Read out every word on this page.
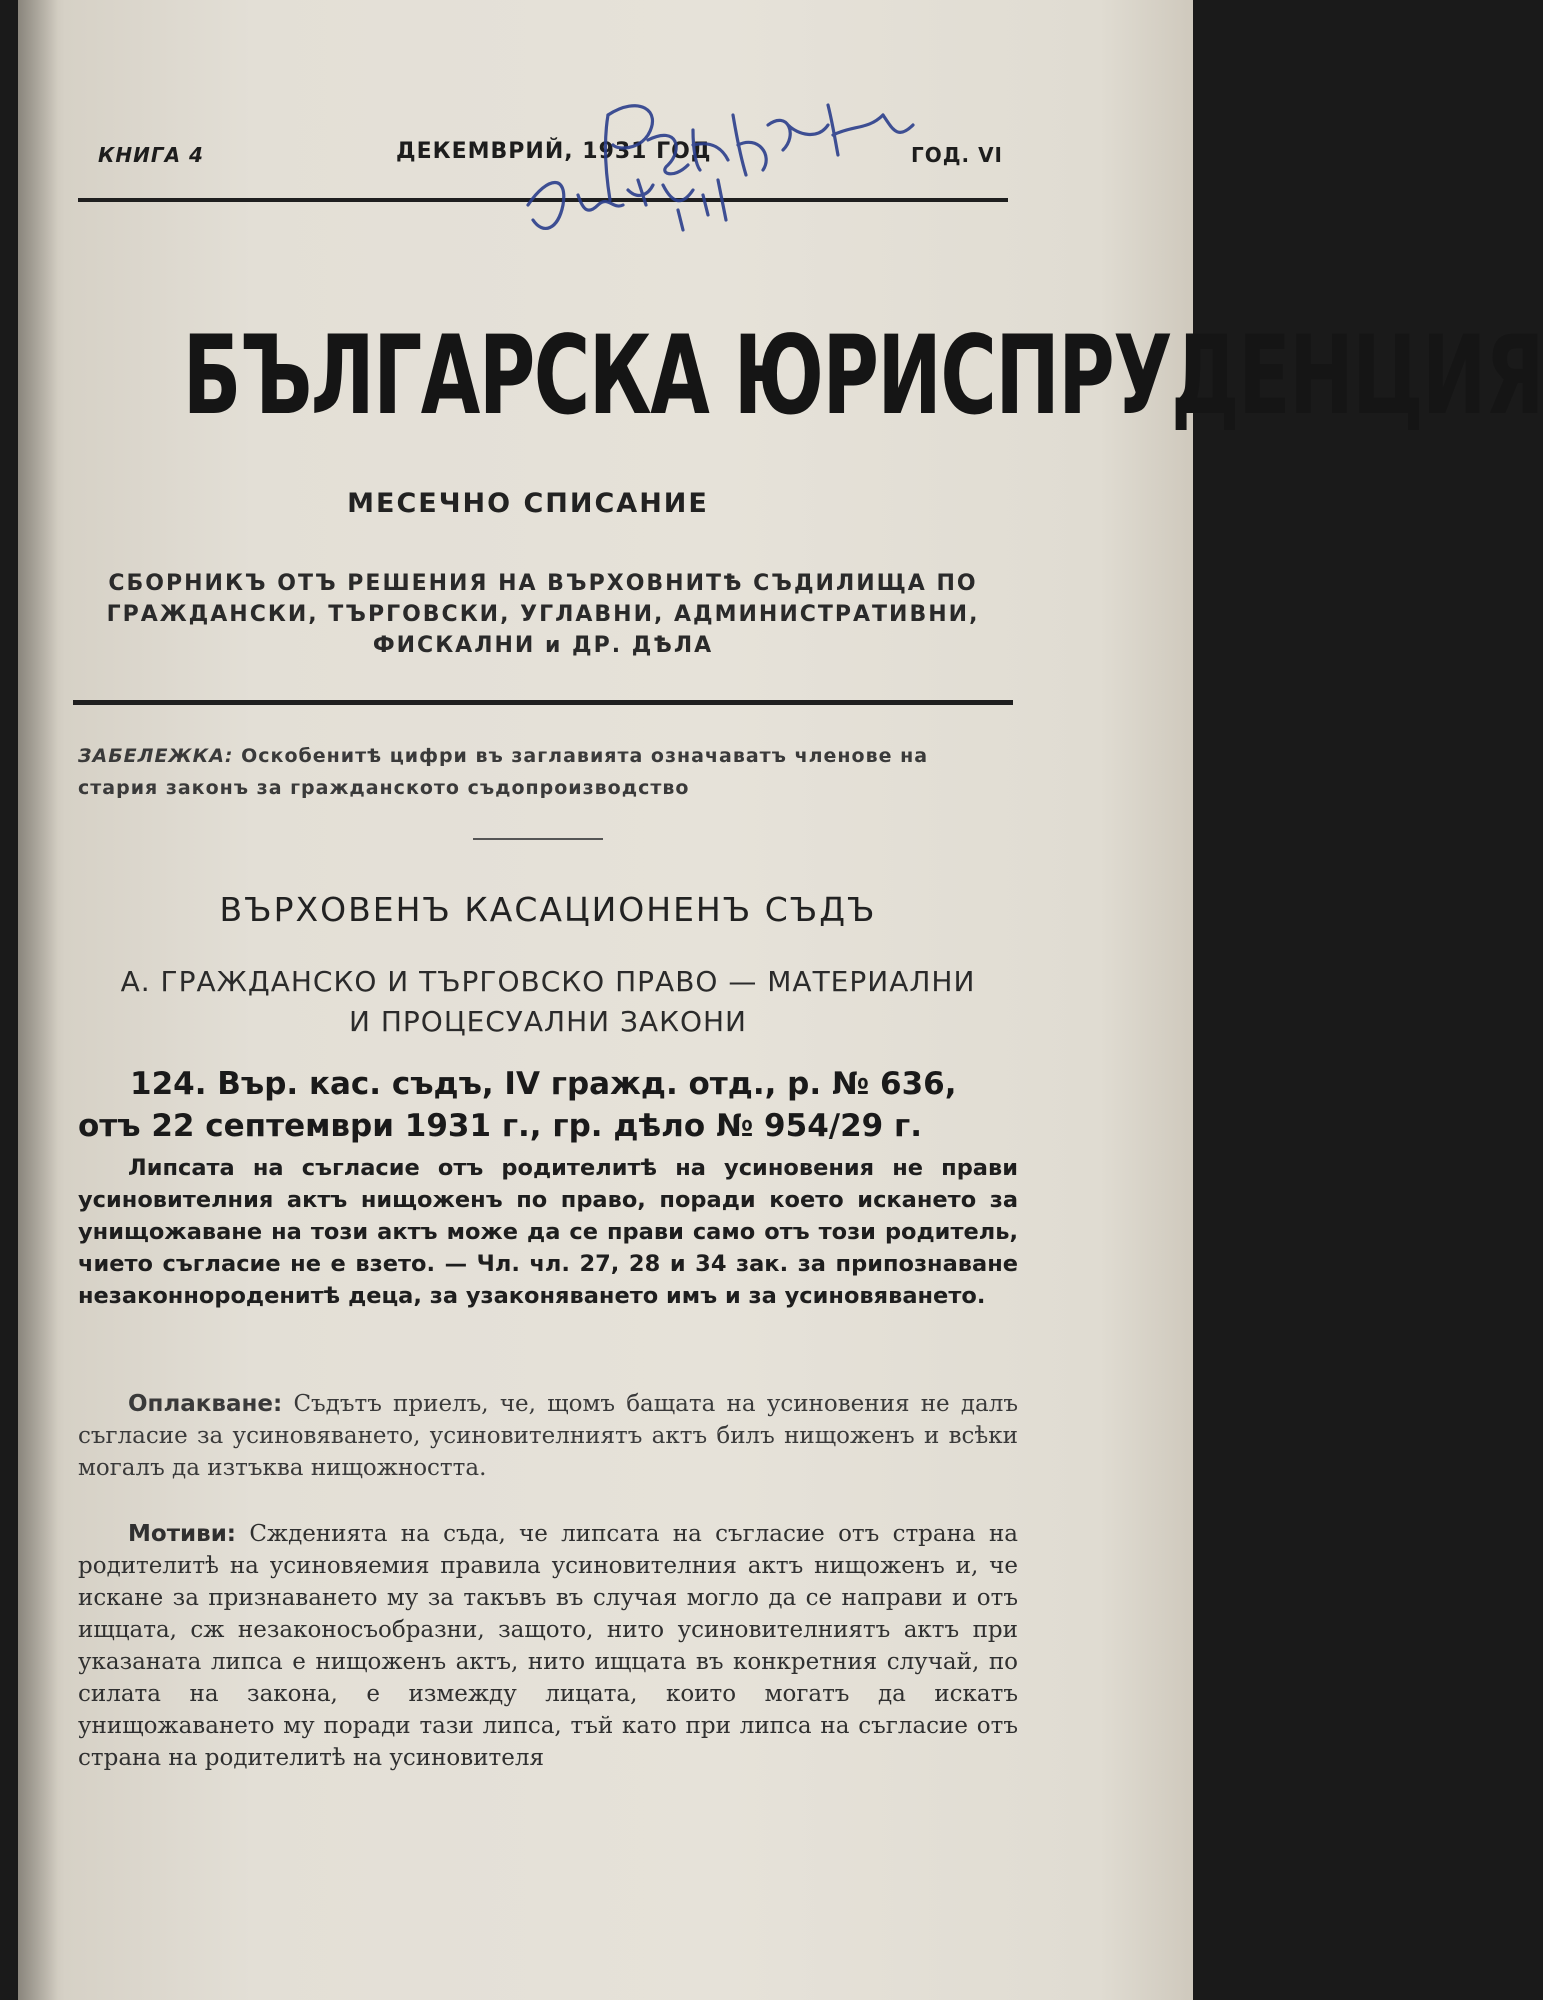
КНИГА 4	ДЕКЕМВРИЙ, 1931 ГОД	ГОД. VI
БЪЛГАРСКА ЮРИСПРУДЕНЦИЯ
МЕСЕЧНО СПИСАНИЕ
СБОРНИКЪ ОТЪ РЕШЕНИЯ НА ВЪРХОВНИТѢ СЪДИЛИЩА ПО
ГРАЖДАНСКИ, ТЪРГОВСКИ, УГЛАВНИ, АДМИНИСТРАТИВНИ,
ФИСКАЛНИ и ДР. ДѢЛА
ЗАБЕЛЕЖКА: Оскобенитѣ цифри въ заглавията означаватъ членове на стария законъ за гражданското съдопроизводство
ВЪРХОВЕНЪ КАСАЦИОНЕНЪ СЪДЪ
А. ГРАЖДАНСКО И ТЪРГОВСКО ПРАВО — МАТЕРИАЛНИ
И ПРОЦЕСУАЛНИ ЗАКОНИ
124. Вър. кас. съдъ, IV гражд. отд., р. № 636,
отъ 22 септември 1931 г., гр. дѣло № 954/29 г.
Липсата на съгласие отъ родителитѣ на усиновения не прави усиновителния актъ нищоженъ по право, поради което искането за унищожаване на този актъ може да се прави само отъ този родитель, чието съгласие не е взето. — Чл. чл. 27, 28 и 34 зак. за припознаване незаконнороденитѣ деца, за узаконяването имъ и за усиновяването.
Оплакване: Съдътъ приелъ, че, щомъ бащата на усиновения не далъ съгласие за усиновяването, усиновителниятъ актъ билъ нищоженъ и всѣки могалъ да изтъква нищожността.
Мотиви: Сжденията на съда, че липсата на съгласие отъ страна на родителитѣ на усиновяемия правила усиновителния актъ нищоженъ и, че искане за признаването му за такъвъ въ случая могло да се направи и отъ ищцата, сж незаконосъобразни, защото, нито усиновителниятъ актъ при указаната липса е нищоженъ актъ, нито ищцата въ конкретния случай, по силата на закона, е измежду лицата, които могатъ да искатъ унищожаването му поради тази липса, тъй като при липса на съгласие отъ страна на родителитѣ на усиновителя
